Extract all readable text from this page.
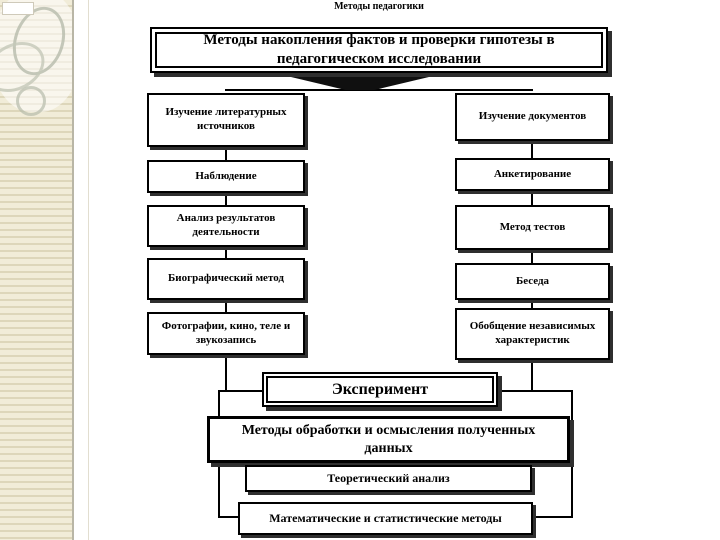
Методы педагогики
Методы накопления фактов и проверки гипотезы в педагогическом исследовании
Изучение литературных источников
Наблюдение
Анализ результатов деятельности
Биографический метод
Фотографии, кино, теле и звукозапись
Изучение документов
Анкетирование
Метод тестов
Беседа
Обобщение независимых характеристик
Эксперимент
Методы обработки и осмысления полученных данных
Теоретический анализ
Математические и статистические методы
